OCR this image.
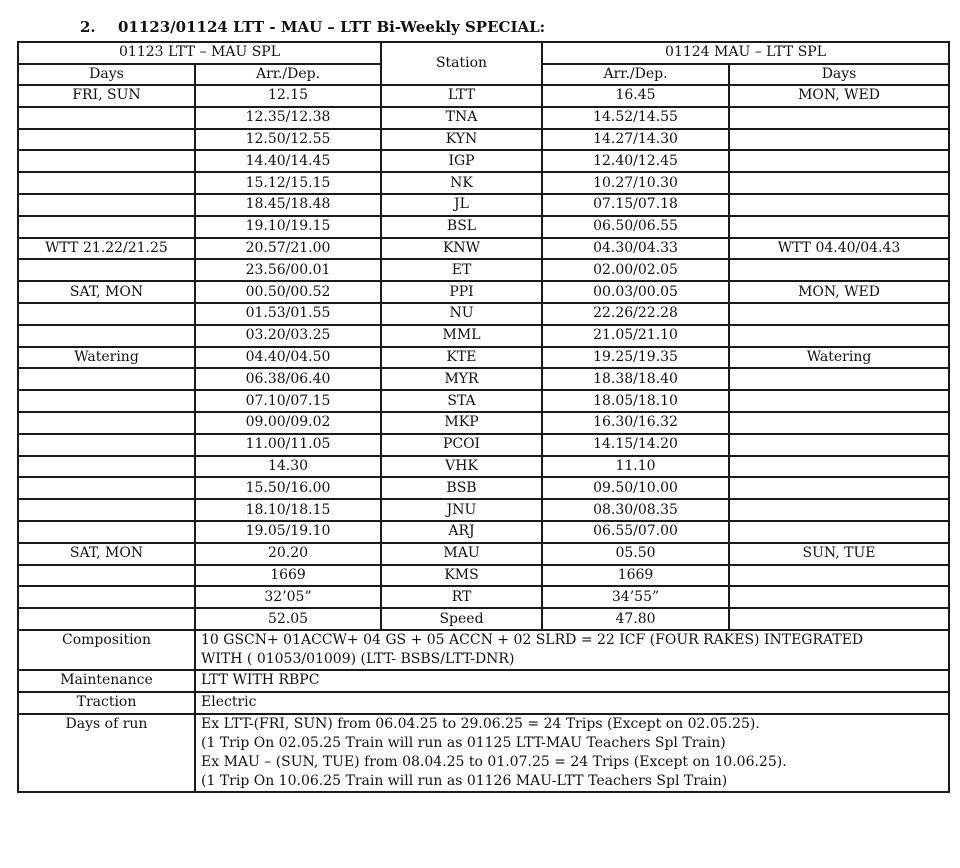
2. 01123/01124 LTT - MAU – LTT Bi-Weekly SPECIAL:
01123 LTT – MAU SPL		Station	01124 MAU – LTT SPL	
Days	Arr./Dep.		Arr./Dep.	Days
FRI, SUN	12.15	LTT	16.45	MON, WED
	12.35/12.38	TNA	14.52/14.55	
	12.50/12.55	KYN	14.27/14.30	
	14.40/14.45	IGP	12.40/12.45	
	15.12/15.15	NK	10.27/10.30	
	18.45/18.48	JL	07.15/07.18	
	19.10/19.15	BSL	06.50/06.55	
WTT 21.22/21.25	20.57/21.00	KNW	04.30/04.33	WTT 04.40/04.43
	23.56/00.01	ET	02.00/02.05	
SAT, MON	00.50/00.52	PPI	00.03/00.05	MON, WED
	01.53/01.55	NU	22.26/22.28	
	03.20/03.25	MML	21.05/21.10	
Watering	04.40/04.50	KTE	19.25/19.35	Watering
	06.38/06.40	MYR	18.38/18.40	
	07.10/07.15	STA	18.05/18.10	
	09.00/09.02	MKP	16.30/16.32	
	11.00/11.05	PCOI	14.15/14.20	
	14.30	VHK	11.10	
	15.50/16.00	BSB	09.50/10.00	
	18.10/18.15	JNU	08.30/08.35	
	19.05/19.10	ARJ	06.55/07.00	
SAT, MON	20.20	MAU	05.50	SUN, TUE
	1669	KMS	1669	
	32’05”	RT	34’55”	
	52.05	Speed	47.80	
Composition	10 GSCN+ 01ACCW+ 04 GS + 05 ACCN + 02 SLRD = 22 ICF (FOUR RAKES) INTEGRATED
WITH ( 01053/01009) (LTT- BSBS/LTT-DNR)			

Maintenance	LTT WITH RBPC			
Traction	Electric			
Days of run	Ex LTT-(FRI, SUN) from 06.04.25 to 29.06.25 = 24 Trips (Except on 02.05.25).
(1 Trip On 02.05.25 Train will run as 01125 LTT-MAU Teachers Spl Train)
Ex MAU – (SUN, TUE) from 08.04.25 to 01.07.25 = 24 Trips (Except on 10.06.25).
(1 Trip On 10.06.25 Train will run as 01126 MAU-LTT Teachers Spl Train)			
